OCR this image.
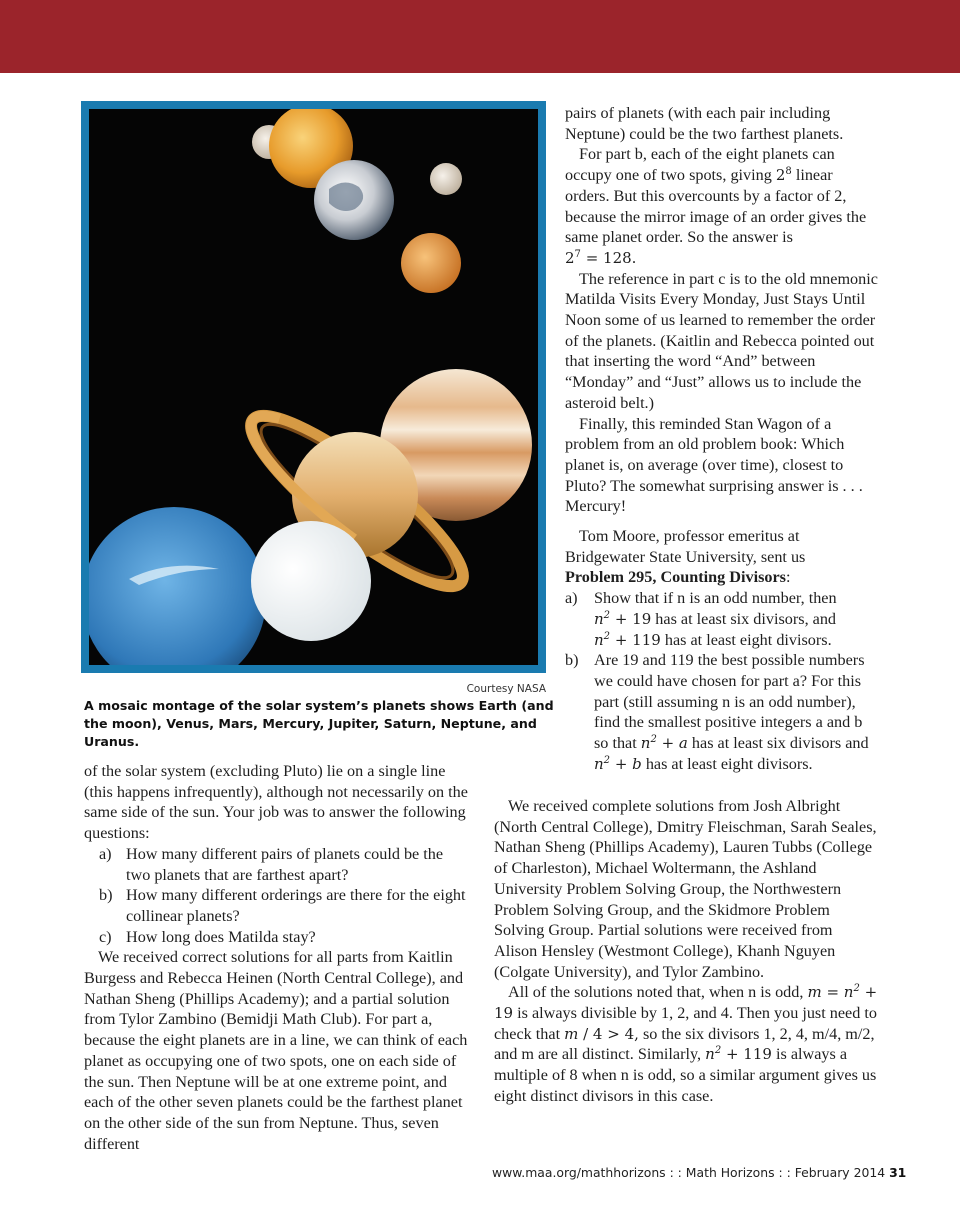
Courtesy NASA
A mosaic montage of the solar system’s planets shows Earth (and the moon), Venus, Mars, Mercury, Jupiter, Saturn, Neptune, and Uranus.

of the solar system (excluding Pluto) lie on a single line (this happens infrequently), although not necessarily on the same side of the sun. Your job was to answer the following questions:

a) How many different pairs of planets could be the two planets that are farthest apart?
b) How many different orderings are there for the eight collinear planets?
c) How long does Matilda stay?

We received correct solutions for all parts from Kaitlin Burgess and Rebecca Heinen (North Central College), and Nathan Sheng (Phillips Academy); and a partial solution from Tylor Zambino (Bemidji Math Club). For part a, because the eight planets are in a line, we can think of each planet as occupying one of two spots, one on each side of the sun. Then Neptune will be at one extreme point, and each of the other seven planets could be the farthest planet on the other side of the sun from Neptune. Thus, seven different

pairs of planets (with each pair including Neptune) could be the two farthest planets.

For part b, each of the eight planets can occupy one of two spots, giving $2^8$ linear orders. But this overcounts by a factor of 2, because the mirror image of an order gives the same planet order. So the answer is
$2^7 = 128$.

The reference in part c is to the old mnemonic Matilda Visits Every Monday, Just Stays Until Noon some of us learned to remember the order of the planets. (Kaitlin and Rebecca pointed out that inserting the word “And” between “Monday” and “Just” allows us to include the asteroid belt.)

Finally, this reminded Stan Wagon of a problem from an old problem book: Which planet is, on average (over time), closest to Pluto? The somewhat surprising answer is . . . Mercury!

Tom Moore, professor emeritus at Bridgewater State University, sent us

Problem 295, Counting Divisors:

a) Show that if n is an odd number, then
$n^2 + 19$ has at least six divisors, and
$n^2 + 119$ has at least eight divisors.
b) Are 19 and 119 the best possible numbers we could have chosen for part a? For this part (still assuming n is an odd number), find the smallest positive integers a and b so that $n^2 + a$ has at least six divisors and $n^2 + b$ has at least eight divisors.

We received complete solutions from Josh Albright (North Central College), Dmitry Fleischman, Sarah Seales, Nathan Sheng (Phillips Academy), Lauren Tubbs (College of Charleston), Michael Woltermann, the Ashland University Problem Solving Group, the Northwestern Problem Solving Group, and the Skidmore Problem Solving Group. Partial solutions were received from Alison Hensley (Westmont College), Khanh Nguyen (Colgate University), and Tylor Zambino.

All of the solutions noted that, when n is odd, $m = n^2 + 19$ is always divisible by 1, 2, and 4. Then you just need to check that m / 4 > 4, so the six divisors 1, 2, 4, m/4, m/2, and m are all distinct. Similarly, $n^2 + 119$ is always a multiple of 8 when n is odd, so a similar argument gives us eight distinct divisors in this case.

www.maa.org/mathhorizons : : Math Horizons : : February 2014 31
